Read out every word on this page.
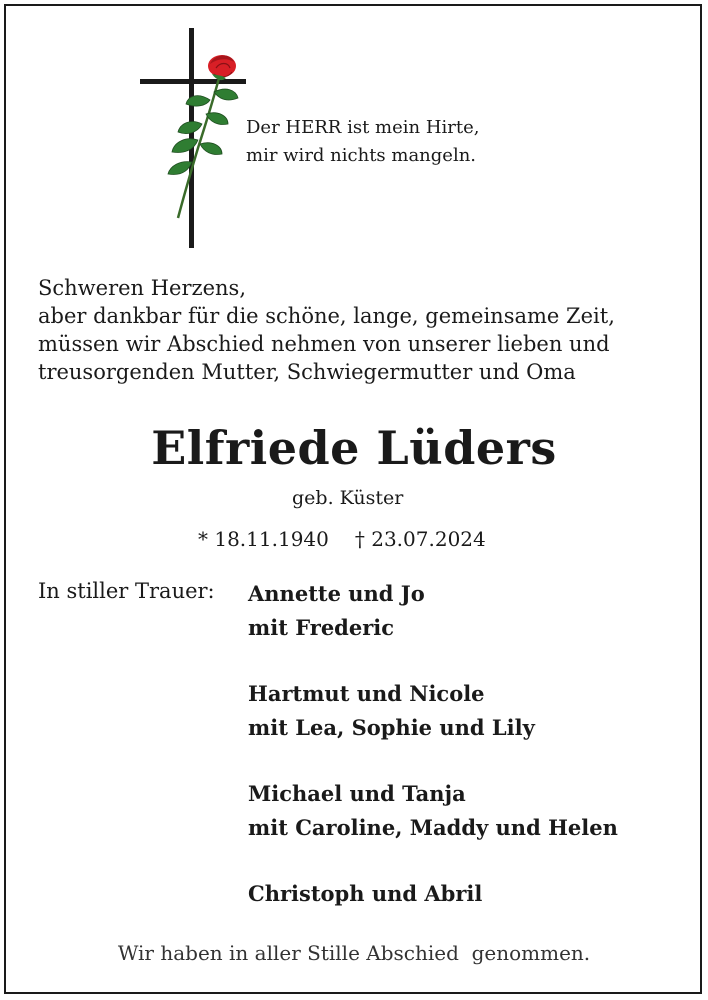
Der HERR ist mein Hirte,
mir wird nichts mangeln.
Schweren Herzens,
aber dankbar für die schöne, lange, gemeinsame Zeit,
müssen wir Abschied nehmen von unserer lieben und
treusorgenden Mutter, Schwiegermutter und Oma
Elfriede Lüders
geb. Küster
* 18.11.1940 † 23.07.2024
In stiller Trauer: Annette und Jo
mit Frederic
Hartmut und Nicole
mit Lea, Sophie und Lily
Michael und Tanja
mit Caroline, Maddy und Helen
Christoph und Abril
Wir haben in aller Stille Abschied  genommen.
